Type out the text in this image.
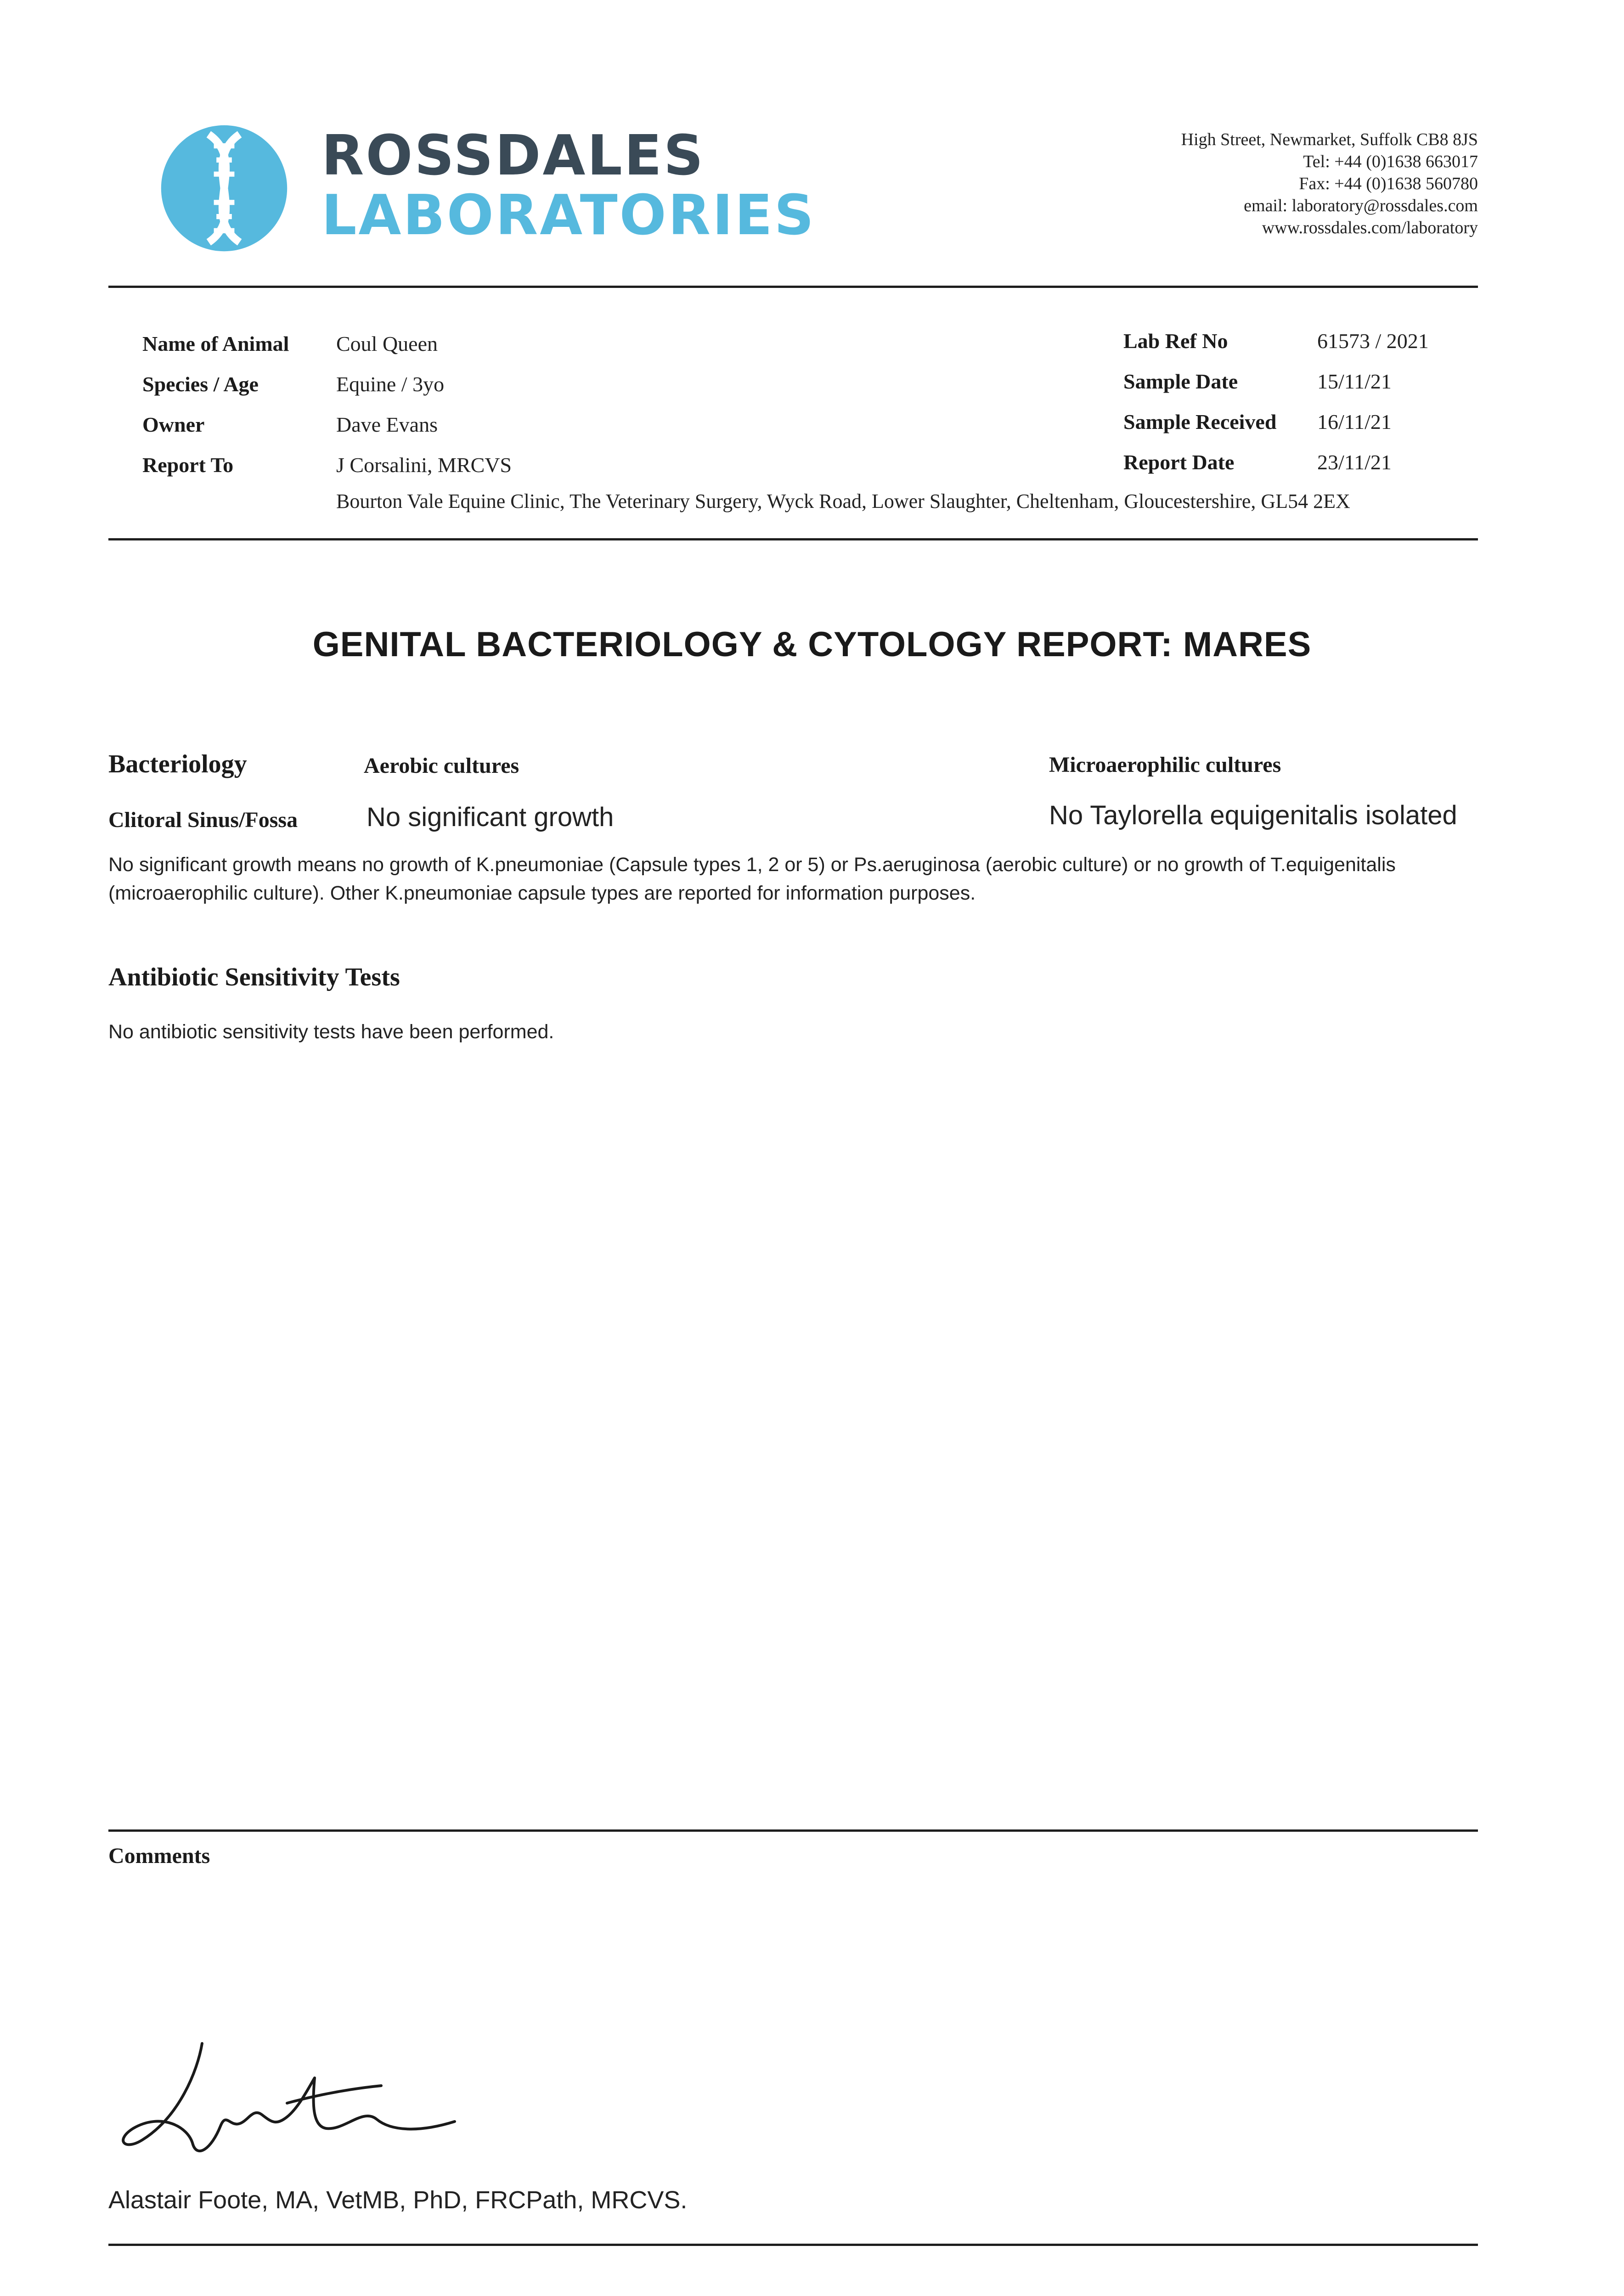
ROSSDALES
LABORATORIES
High Street, Newmarket, Suffolk CB8 8JS
Tel: +44 (0)1638 663017
Fax: +44 (0)1638 560780
email: laboratory@rossdales.com
www.rossdales.com/laboratory
Name of Animal Coul Queen
Species / Age	Equine / 3yo
Owner	Dave Evans
Report To	J Corsalini, MRCVS
Bourton Vale Equine Clinic, The Veterinary Surgery, Wyck Road, Lower Slaughter, Cheltenham, Gloucestershire, GL54 2EX
Lab Ref No	61573 / 2021
Sample Date	15/11/21
Sample Received 16/11/21
Report Date	23/11/21
GENITAL BACTERIOLOGY & CYTOLOGY REPORT: MARES
Bacteriology	Aerobic cultures	Microaerophilic cultures
Clitoral Sinus/Fossa	No significant growth	No Taylorella equigenitalis isolated
No significant growth means no growth of K.pneumoniae (Capsule types 1, 2 or 5) or Ps.aeruginosa (aerobic culture) or no growth of T.equigenitalis
(microaerophilic culture). Other K.pneumoniae capsule types are reported for information purposes.
Antibiotic Sensitivity Tests
No antibiotic sensitivity tests have been performed.
Comments
Alastair Foote, MA, VetMB, PhD, FRCPath, MRCVS.
